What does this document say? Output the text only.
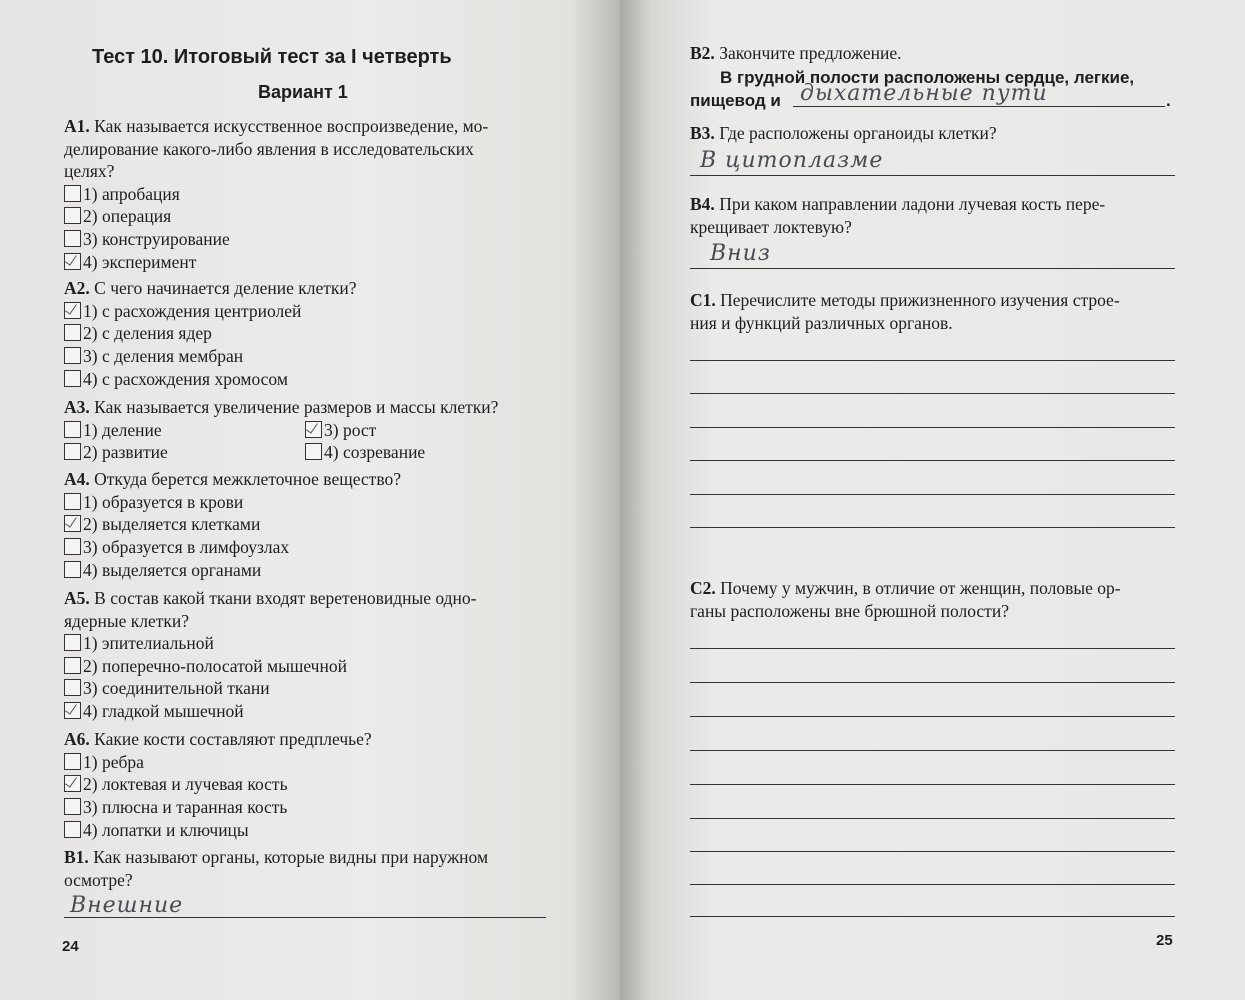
Тест 10. Итоговый тест за I четверть
Вариант 1
24
A1. Как называется искусственное воспроизведение, мо-
делирование какого-либо явления в исследовательских
целях?
1) апробация
2) операция
3) конструирование
4) эксперимент
A2. С чего начинается деление клетки?
1) с расхождения центриолей
2) с деления ядер
3) с деления мембран
4) с расхождения хромосом
A3. Как называется увеличение размеров и массы клетки?
1) деление	3) рост
2) развитие	4) созревание
A4. Откуда берется межклеточное вещество?
1) образуется в крови
2) выделяется клетками
3) образуется в лимфоузлах
4) выделяется органами
A5. В состав какой ткани входят веретеновидные одно-
ядерные клетки?
1) эпителиальной
2) поперечно-полосатой мышечной
3) соединительной ткани
4) гладкой мышечной
A6. Какие кости составляют предплечье?
1) ребра
2) локтевая и лучевая кость
3) плюсна и таранная кость
4) лопатки и ключицы
B1. Как называют органы, которые видны при наружном
осмотре?
Внешние
25
B2. Закончите предложение.
В грудной полости расположены сердце, легкие,
пищевод и	.
дыхательные пути
B3. Где расположены органоиды клетки?
В цитоплазме
B4. При каком направлении ладони лучевая кость пере-
крещивает локтевую?
Вниз
C1. Перечислите методы прижизненного изучения строе-
ния и функций различных органов.
C2. Почему у мужчин, в отличие от женщин, половые ор-
ганы расположены вне брюшной полости?
